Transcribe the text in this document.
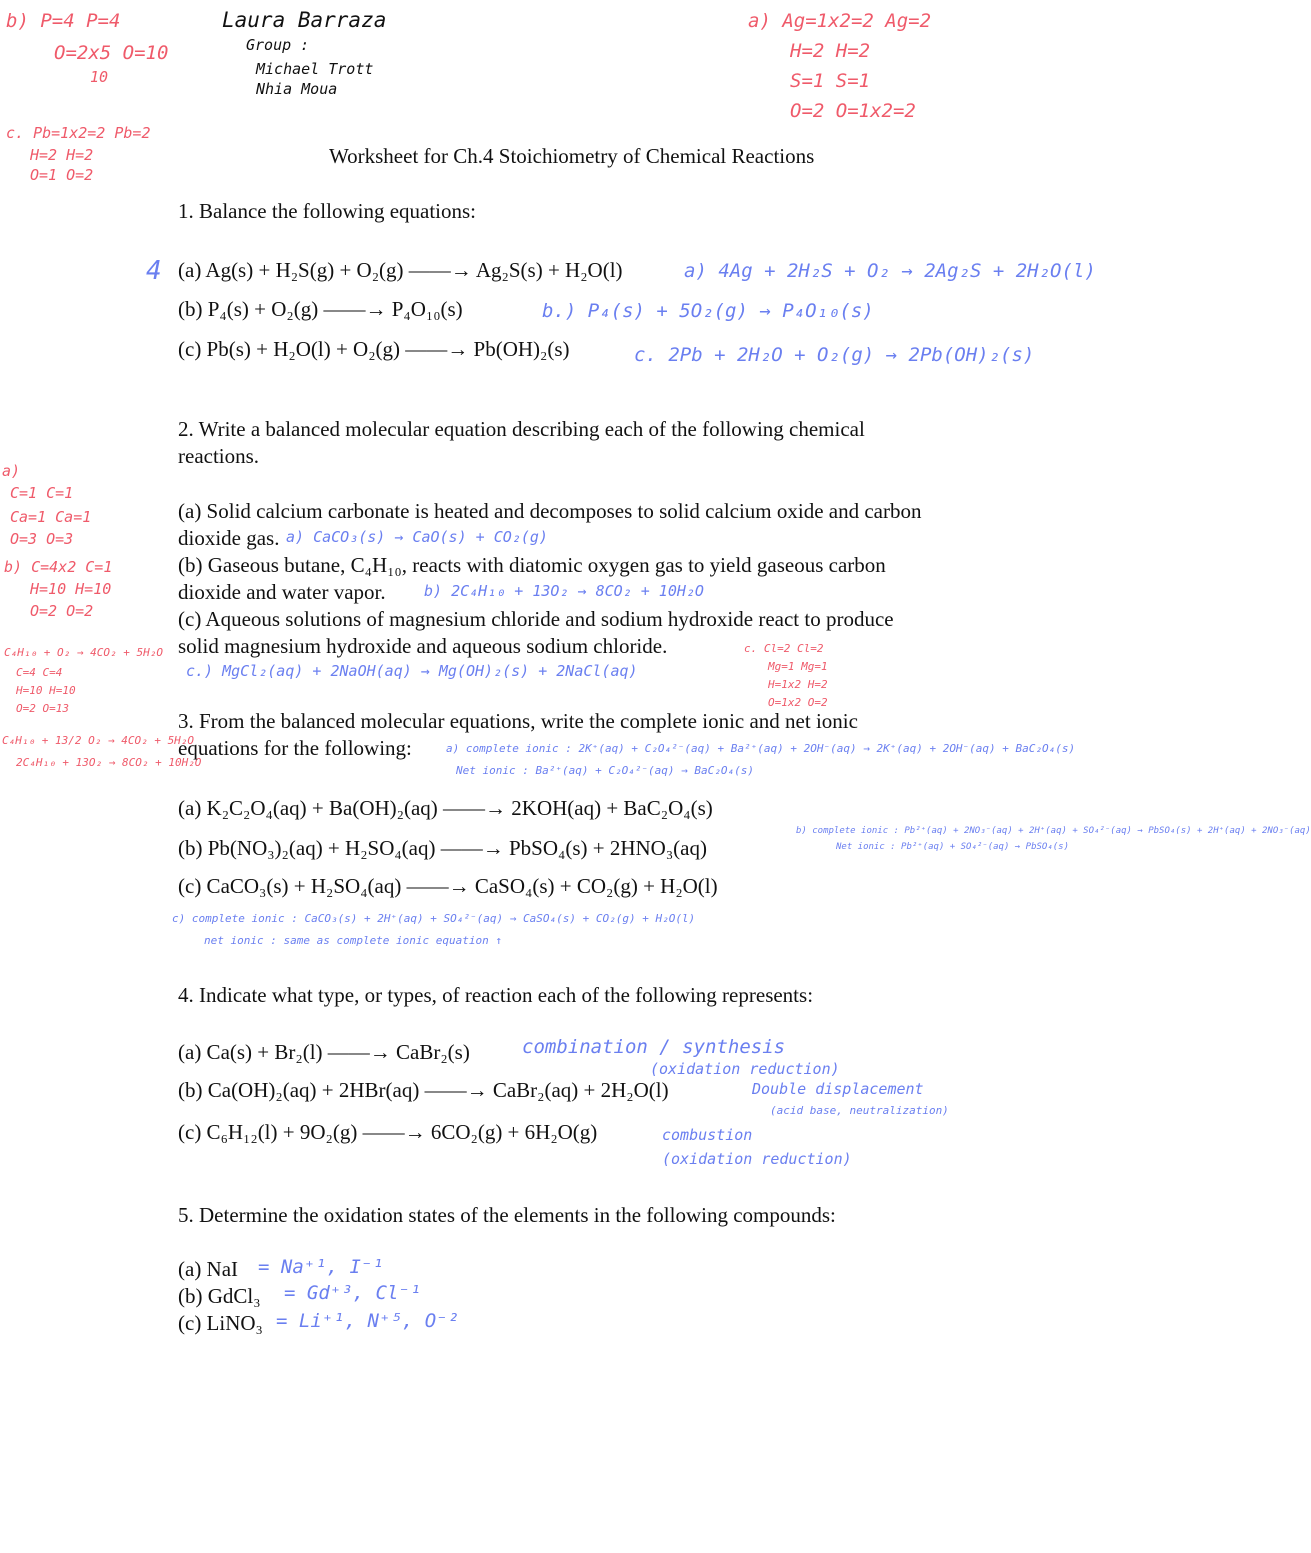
Laura Barraza
Group :
Michael Trott
Nhia Moua
b) P=4 P=4
O=2x5 O=10
10
c. Pb=1x2=2 Pb=2
H=2 H=2
O=1 O=2
a) Ag=1x2=2 Ag=2
H=2 H=2
S=1 S=1
O=2 O=1x2=2
Worksheet for Ch.4 Stoichiometry of Chemical Reactions
1. Balance the following equations:
4 (a) Ag(s) + H₂S(g) + O₂(g) ——→ Ag₂S(s) + H₂O(l)
(b) P₄(s) + O₂(g) ——→ P₄O₁₀(s)
(c) Pb(s) + H₂O(l) + O₂(g) ——→ Pb(OH)₂(s)
a) 4Ag + 2H₂S + O₂ → 2Ag₂S + 2H₂O(l)
b.) P₄(s) + 5O₂(g) → P₄O₁₀(s)
c. 2Pb + 2H₂O + O₂(g) → 2Pb(OH)₂(s)
2. Write a balanced molecular equation describing each of the following chemical
reactions.
(a) Solid calcium carbonate is heated and decomposes to solid calcium oxide and carbon
dioxide gas. a) CaCO₃(s) → CaO(s) + CO₂(g)
(b) Gaseous butane, C₄H₁₀, reacts with diatomic oxygen gas to yield gaseous carbon
dioxide and water vapor.	b) 2C₄H₁₀ + 13O₂ → 8CO₂ + 10H₂O
(c) Aqueous solutions of magnesium chloride and sodium hydroxide react to produce
solid magnesium hydroxide and aqueous sodium chloride.
c.) MgCl₂(aq) + 2NaOH(aq) → Mg(OH)₂(s) + 2NaCl(aq)
c. Cl=2 Cl=2
Mg=1 Mg=1
H=1x2 H=2
O=1x2 O=2
a)
C=1 C=1
Ca=1 Ca=1
O=3 O=3
b) C=4x2 C=1
H=10 H=10
O=2 O=2
C₄H₁₀ + O₂ → 4CO₂ + 5H₂O
C=4 C=4
H=10 H=10
O=2 O=13
C₄H₁₀ + 13/2 O₂ → 4CO₂ + 5H₂O
2C₄H₁₀ + 13O₂ → 8CO₂ + 10H₂O
3. From the balanced molecular equations, write the complete ionic and net ionic
equations for the following:	a) complete ionic : 2K⁺(aq) + C₂O₄²⁻(aq) + Ba²⁺(aq) + 2OH⁻(aq) → 2K⁺(aq) + 2OH⁻(aq) + BaC₂O₄(s)
Net ionic : Ba²⁺(aq) + C₂O₄²⁻(aq) → BaC₂O₄(s)
(a) K₂C₂O₄(aq) + Ba(OH)₂(aq) ——→ 2KOH(aq) + BaC₂O₄(s)
(b) Pb(NO₃)₂(aq) + H₂SO₄(aq) ——→ PbSO₄(s) + 2HNO₃(aq)
b) complete ionic : Pb²⁺(aq) + 2NO₃⁻(aq) + 2H⁺(aq) + SO₄²⁻(aq) → PbSO₄(s) + 2H⁺(aq) + 2NO₃⁻(aq)
Net ionic : Pb²⁺(aq) + SO₄²⁻(aq) → PbSO₄(s)
(c) CaCO₃(s) + H₂SO₄(aq) ——→ CaSO₄(s) + CO₂(g) + H₂O(l)
c) complete ionic : CaCO₃(s) + 2H⁺(aq) + SO₄²⁻(aq) → CaSO₄(s) + CO₂(g) + H₂O(l)
net ionic : same as complete ionic equation ↑
4. Indicate what type, or types, of reaction each of the following represents:
(a) Ca(s) + Br₂(l) ——→ CaBr₂(s)
(b) Ca(OH)₂(aq) + 2HBr(aq) ——→ CaBr₂(aq) + 2H₂O(l)
(c) C₆H₁₂(l) + 9O₂(g) ——→ 6CO₂(g) + 6H₂O(g)
combination / synthesis
(oxidation reduction)
Double displacement
(acid base, neutralization)
combustion
(oxidation reduction)
5. Determine the oxidation states of the elements in the following compounds:
(a) NaI
(b) GdCl₃
(c) LiNO₃
= Na⁺¹, I⁻¹
= Gd⁺³, Cl⁻¹
= Li⁺¹, N⁺⁵, O⁻²
